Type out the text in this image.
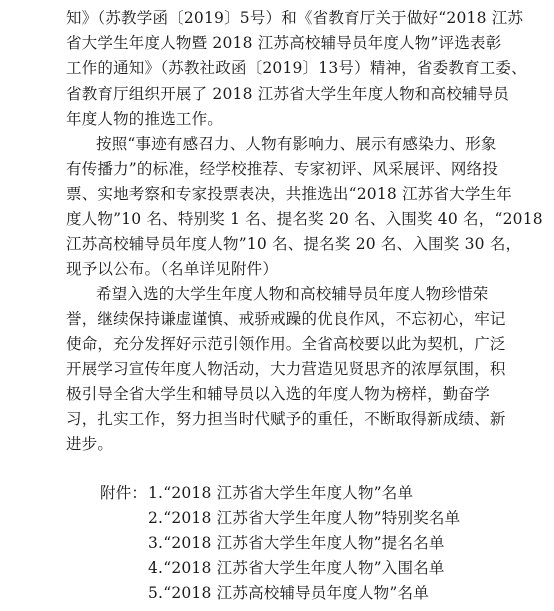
知》（苏教学函〔2019〕5号）和《省教育厅关于做好“2018 江苏
省大学生年度人物暨 2018 江苏高校辅导员年度人物”评选表彰
工作的通知》（苏教社政函〔2019〕13号）精神，省委教育工委、
省教育厅组织开展了 2018 江苏省大学生年度人物和高校辅导员
年度人物的推选工作。
按照“事迹有感召力、人物有影响力、展示有感染力、形象
有传播力”的标准，经学校推荐、专家初评、风采展评、网络投
票、实地考察和专家投票表决，共推选出“2018 江苏省大学生年
度人物”10 名、特别奖 1 名、提名奖 20 名、入围奖 40 名，“2018
江苏高校辅导员年度人物”10 名、提名奖 20 名、入围奖 30 名，
现予以公布。（名单详见附件）
希望入选的大学生年度人物和高校辅导员年度人物珍惜荣
誉，继续保持谦虚谨慎、戒骄戒躁的优良作风，不忘初心，牢记
使命，充分发挥好示范引领作用。全省高校要以此为契机，广泛
开展学习宣传年度人物活动，大力营造见贤思齐的浓厚氛围，积
极引导全省大学生和辅导员以入选的年度人物为榜样，勤奋学
习，扎实工作，努力担当时代赋予的重任，不断取得新成绩、新
进步。
附件： 1.“2018 江苏省大学生年度人物”名单
2.“2018 江苏省大学生年度人物”特别奖名单
3.“2018 江苏省大学生年度人物”提名名单
4.“2018 江苏省大学生年度人物”入围名单
5.“2018 江苏高校辅导员年度人物”名单
